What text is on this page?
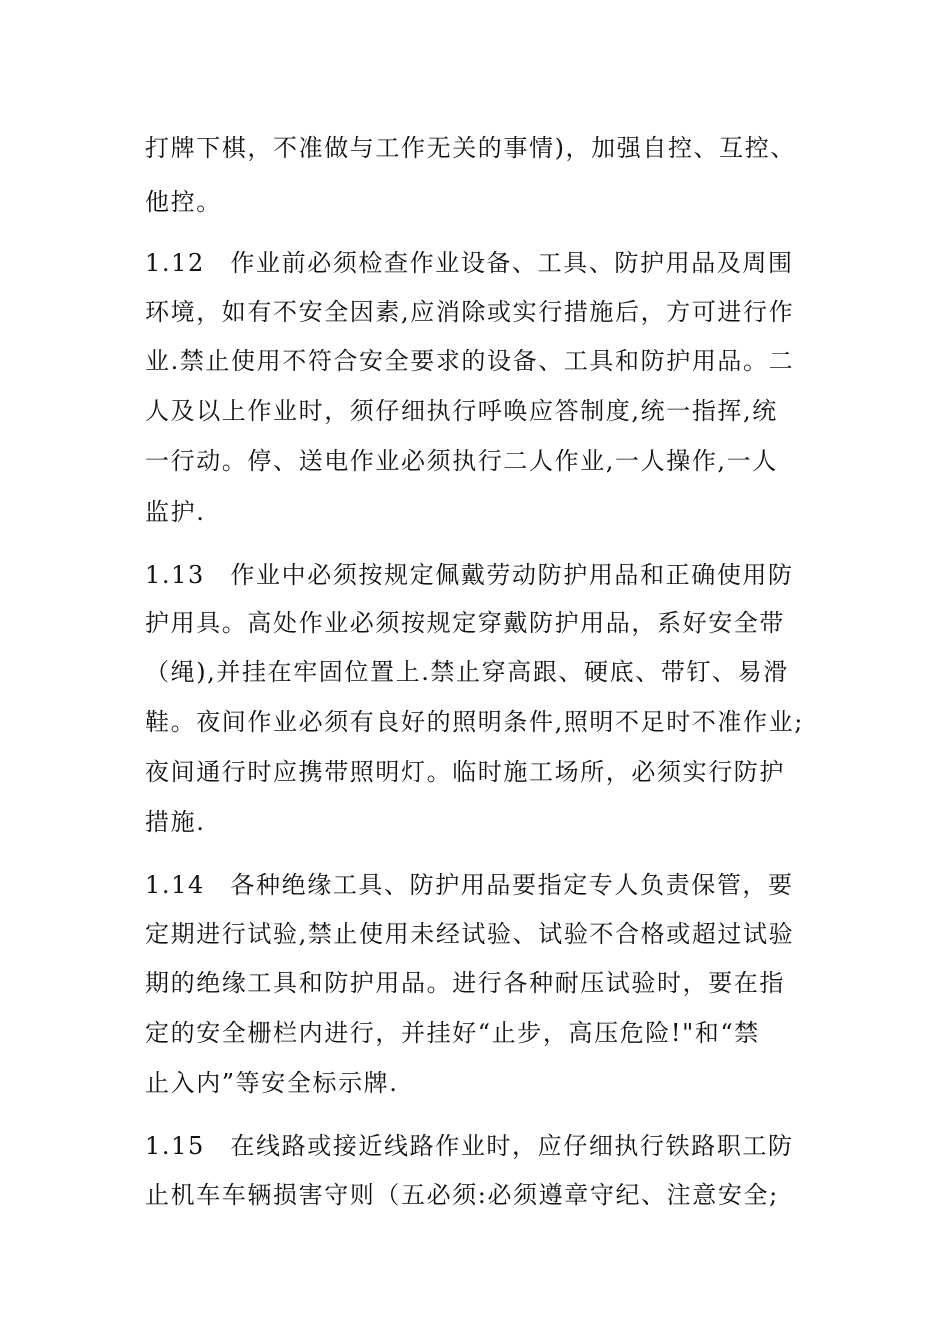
打牌下棋，不准做与工作无关的事情)，加强自控、互控、
他控。
1.12　作业前必须检查作业设备、工具、防护用品及周围
环境，如有不安全因素,应消除或实行措施后，方可进行作
业.禁止使用不符合安全要求的设备、工具和防护用品。二
人及以上作业时，须仔细执行呼唤应答制度,统一指挥,统
一行动。停、送电作业必须执行二人作业,一人操作,一人
监护.
1.13　作业中必须按规定佩戴劳动防护用品和正确使用防
护用具。高处作业必须按规定穿戴防护用品，系好安全带
（绳),并挂在牢固位置上.禁止穿高跟、硬底、带钉、易滑
鞋。夜间作业必须有良好的照明条件,照明不足时不准作业;
夜间通行时应携带照明灯。临时施工场所，必须实行防护
措施.
1.14　各种绝缘工具、防护用品要指定专人负责保管，要
定期进行试验,禁止使用未经试验、试验不合格或超过试验
期的绝缘工具和防护用品。进行各种耐压试验时，要在指
定的安全栅栏内进行，并挂好“止步，高压危险!"和“禁
止入内”等安全标示牌.
1.15　在线路或接近线路作业时，应仔细执行铁路职工防
止机车车辆损害守则（五必须:必须遵章守纪、注意安全;
